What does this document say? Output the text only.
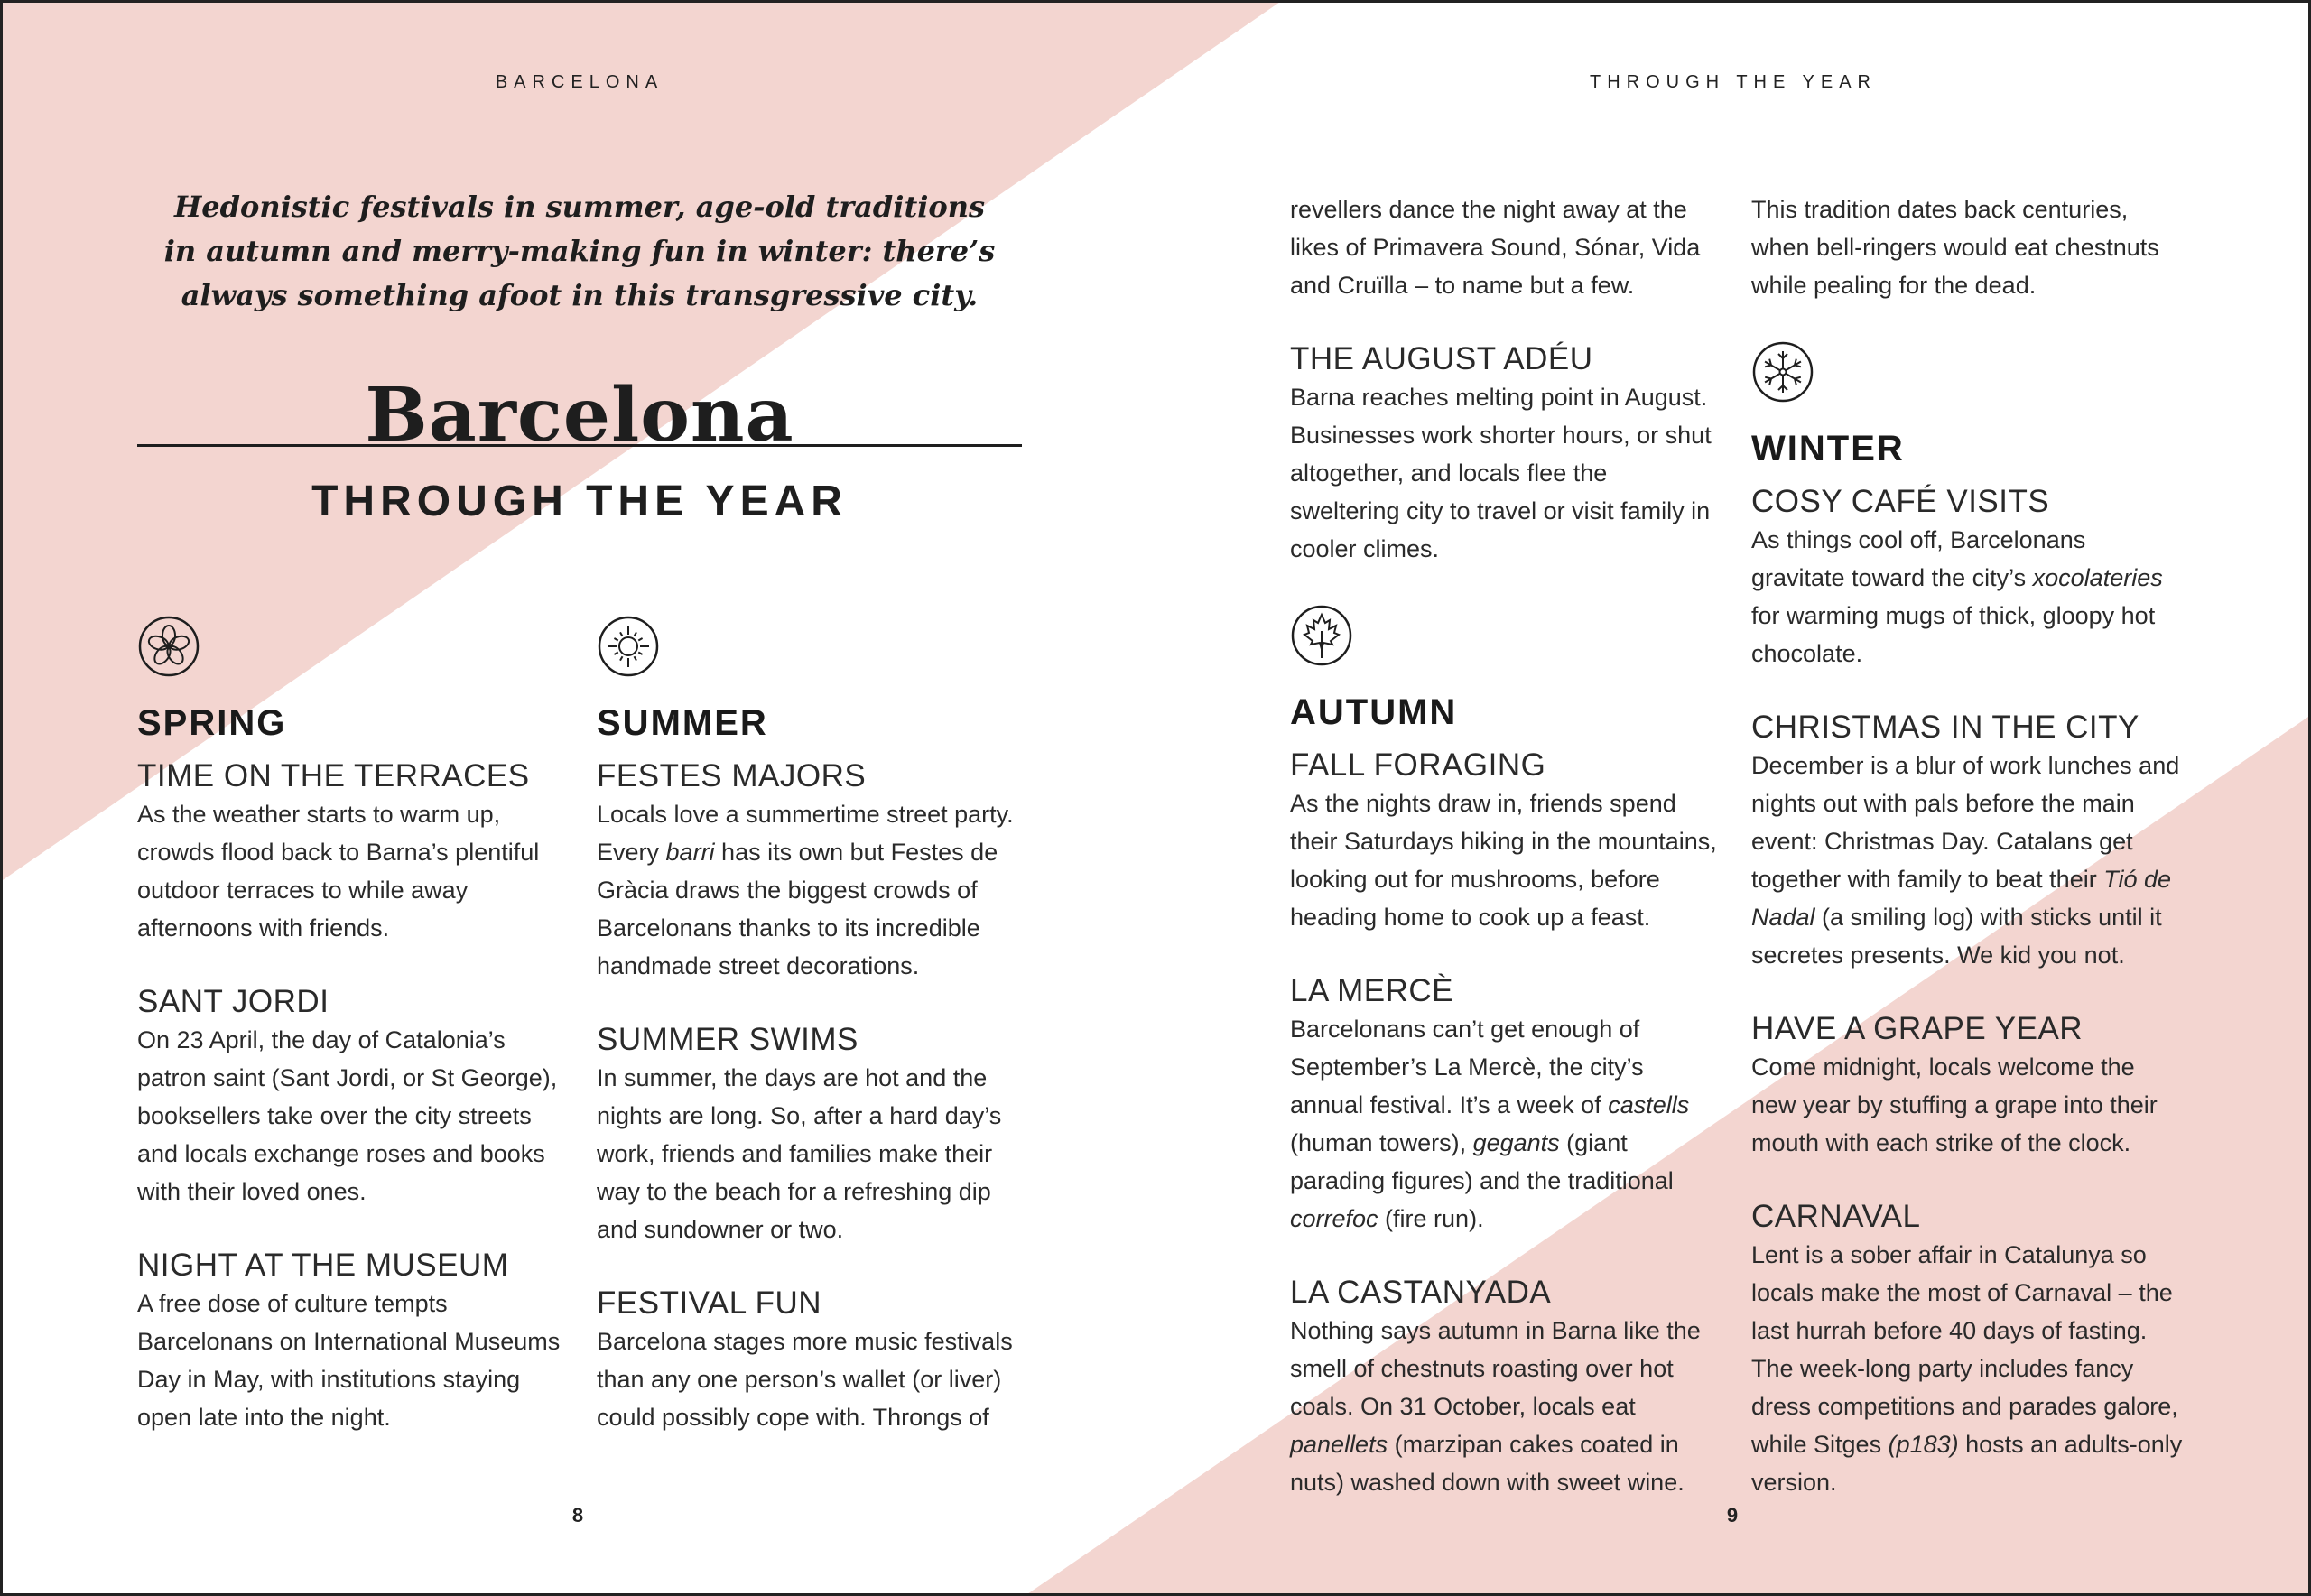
BARCELONA	THROUGH THE YEAR
Hedonistic festivals in summer, age-old traditions in autumn and merry-making fun in winter: there’s always something afoot in this transgressive city.
Barcelona
THROUGH THE YEAR
SPRING
TIME ON THE TERRACES
As the weather starts to warm up, crowds flood back to Barna’s plentiful outdoor terraces to while away afternoons with friends.
SANT JORDI
On 23 April, the day of Catalonia’s patron saint (Sant Jordi, or St George), booksellers take over the city streets and locals exchange roses and books with their loved ones.
NIGHT AT THE MUSEUM
A free dose of culture tempts Barcelonans on International Museums Day in May, with institutions staying open late into the night.
SUMMER
FESTES MAJORS
Locals love a summertime street party. Every barri has its own but Festes de Gràcia draws the biggest crowds of Barcelonans thanks to its incredible handmade street decorations.
SUMMER SWIMS
In summer, the days are hot and the nights are long. So, after a hard day’s work, friends and families make their way to the beach for a refreshing dip and sundowner or two.
FESTIVAL FUN
Barcelona stages more music festivals than any one person’s wallet (or liver) could possibly cope with. Throngs of
revellers dance the night away at the likes of Primavera Sound, Sónar, Vida and Cruïlla – to name but a few.
THE AUGUST ADÉU
Barna reaches melting point in August. Businesses work shorter hours, or shut altogether, and locals flee the sweltering city to travel or visit family in cooler climes.
AUTUMN
FALL FORAGING
As the nights draw in, friends spend their Saturdays hiking in the mountains, looking out for mushrooms, before heading home to cook up a feast.
LA MERCÈ
Barcelonans can’t get enough of September’s La Mercè, the city’s annual festival. It’s a week of castells (human towers), gegants (giant parading figures) and the traditional correfoc (fire run).
LA CASTANYADA
Nothing says autumn in Barna like the smell of chestnuts roasting over hot coals. On 31 October, locals eat panellets (marzipan cakes coated in nuts) washed down with sweet wine.
This tradition dates back centuries, when bell-ringers would eat chestnuts while pealing for the dead.
WINTER
COSY CAFÉ VISITS
As things cool off, Barcelonans gravitate toward the city’s xocolateries for warming mugs of thick, gloopy hot chocolate.
CHRISTMAS IN THE CITY
December is a blur of work lunches and nights out with pals before the main event: Christmas Day. Catalans get together with family to beat their Tió de Nadal (a smiling log) with sticks until it secretes presents. We kid you not.
HAVE A GRAPE YEAR
Come midnight, locals welcome the new year by stuffing a grape into their mouth with each strike of the clock.
CARNAVAL
Lent is a sober affair in Catalunya so locals make the most of Carnaval – the last hurrah before 40 days of fasting. The week-long party includes fancy dress competitions and parades galore, while Sitges (p183) hosts an adults-only version.
8	9
